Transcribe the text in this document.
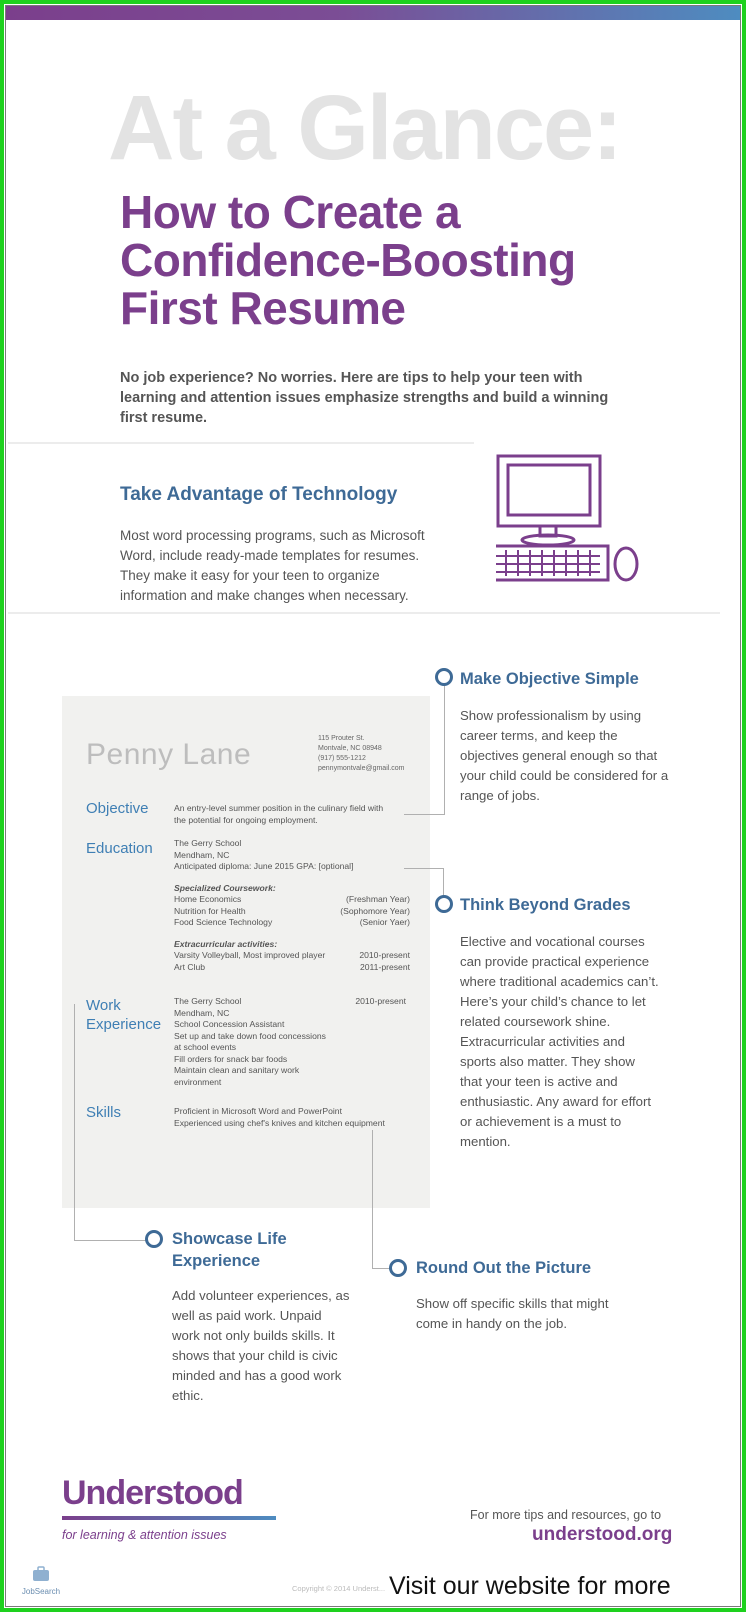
At a Glance:
How to Create a Confidence-Boosting First Resume

No job experience? No worries. Here are tips to help your teen with learning and attention issues emphasize strengths and build a winning first resume.

Take Advantage of Technology

Most word processing programs, such as Microsoft Word, include ready-made templates for resumes. They make it easy for your teen to organize information and make changes when necessary.

Penny Lane	115 Prouter St.
Montvale, NC 08948
(917) 555-1212
pennymontvale@gmail.com
Objective	An entry-level summer position in the culinary field with the potential for ongoing employment.
Education The Gerry School
Mendham, NC
Anticipated diploma: June 2015 GPA: [optional]
Specialized Coursework:
Home Economics	(Freshman Year)
Nutrition for Health	(Sophomore Year)
Food Science Technology	(Senior Yaer)
Extracurricular activities:
Varsity Volleyball, Most improved player	2010-present
Art Club	2011-present
Work Experience
The Gerry School	2010-present
Mendham, NC
School Concession Assistant
Set up and take down food concessions
at school events
Fill orders for snack bar foods
Maintain clean and sanitary work
environment
Skills	Proficient in Microsoft Word and PowerPoint
Experienced using chef's knives and kitchen equipment
Make Objective Simple

Show professionalism by using career terms, and keep the objectives general enough so that your child could be considered for a range of jobs.

Think Beyond Grades

Elective and vocational courses can provide practical experience where traditional academics can’t. Here’s your child’s chance to let related coursework shine. Extracurricular activities and sports also matter. They show that your teen is active and enthusiastic. Any award for effort or achievement is a must to mention.

Showcase Life Experience

Add volunteer experiences, as well as paid work. Unpaid work not only builds skills. It shows that your child is civic minded and has a good work ethic.

Round Out the Picture

Show off specific skills that might come in handy on the job.

Understood
for learning & attention issues
For more tips and resources, go to
understood.org
JobSearch	Copyright © 2014 Underst... Visit our website for more
